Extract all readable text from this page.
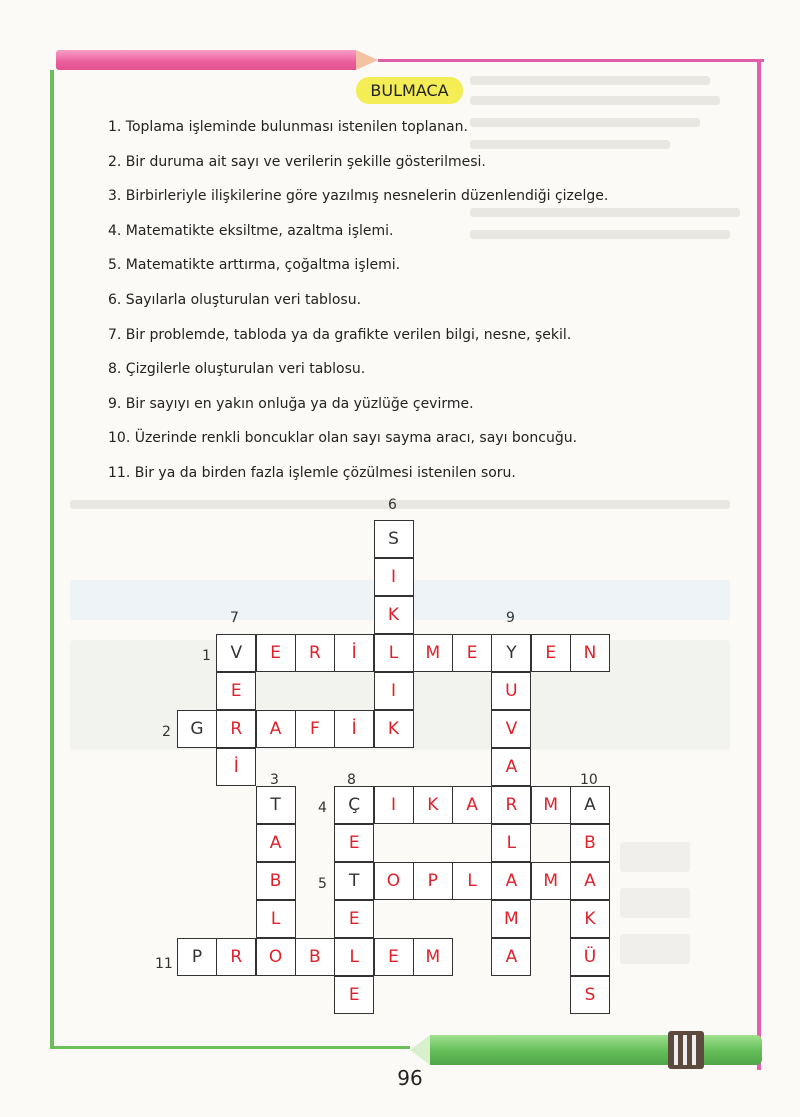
BULMACA
1. Toplama işleminde bulunması istenilen toplanan.
2. Bir duruma ait sayı ve verilerin şekille gösterilmesi.
3. Birbirleriyle ilişkilerine göre yazılmış nesnelerin düzenlendiği çizelge.
4. Matematikte eksiltme, azaltma işlemi.
5. Matematikte arttırma, çoğaltma işlemi.
6. Sayılarla oluşturulan veri tablosu.
7. Bir problemde, tabloda ya da grafikte verilen bilgi, nesne, şekil.
8. Çizgilerle oluşturulan veri tablosu.
9. Bir sayıyı en yakın onluğa ya da yüzlüğe çevirme.
10. Üzerinde renkli boncuklar olan sayı sayma aracı, sayı boncuğu.
11. Bir ya da birden fazla işlemle çözülmesi istenilen soru.
S
I
K
L
I
K
V	E	R	İ	M	E	Y	E	N
E
İ
G	R	A	F	İ
U
V
A
L
M
A
Ç	I	K	A	R	M	A
T
A
B
L
E
E
E
T	O	P	L	A	M	A
B
K
Ü
S
P	R	O	B	L	E	M
1
2
3
4
5
6
7
8
9
10
11
96
